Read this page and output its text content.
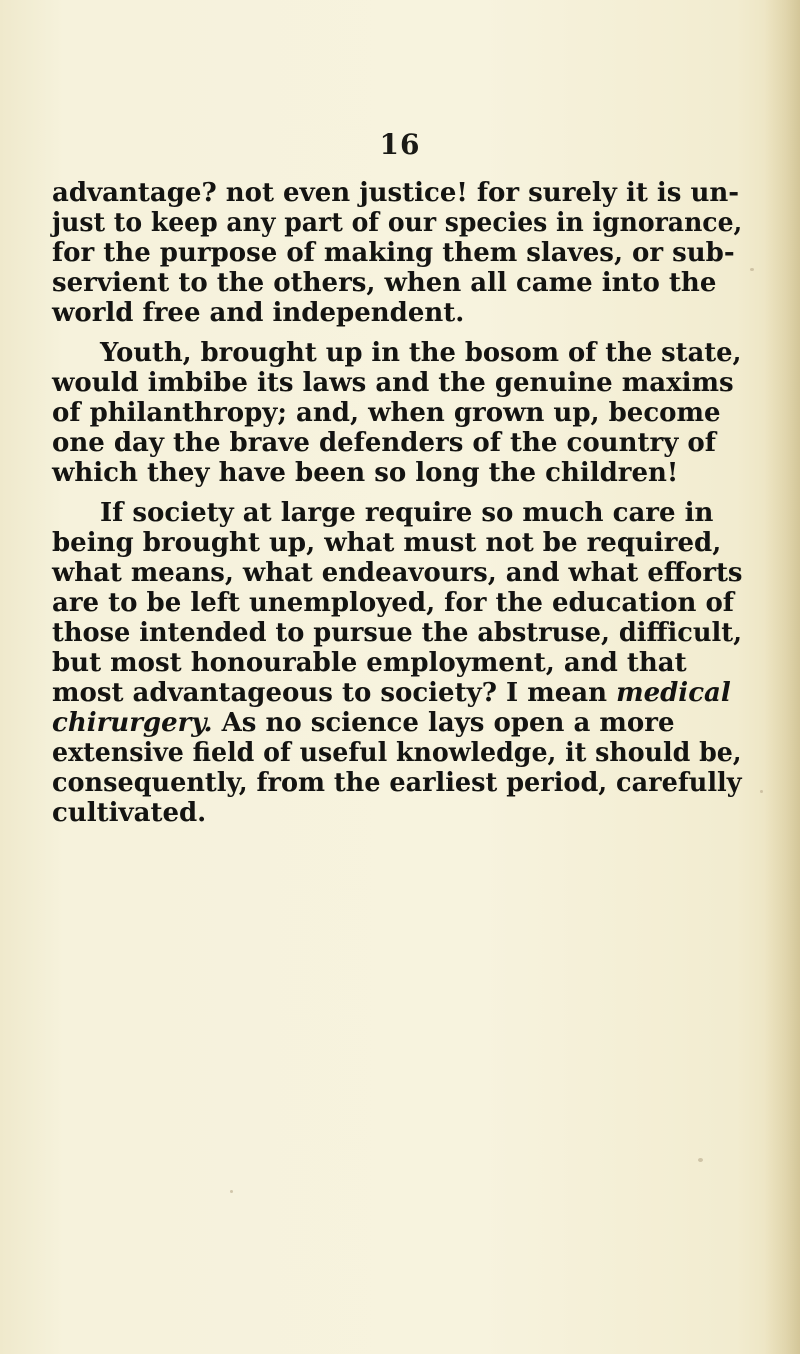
16
advantage? not even justice! for surely it is un-
just to keep any part of our species in ignorance,
for the purpose of making them slaves, or sub-
servient to the others, when all came into the
world free and independent.
Youth, brought up in the bosom of the state,
would imbibe its laws and the genuine maxims
of philanthropy; and, when grown up, become
one day the brave defenders of the country of
which they have been so long the children!
If society at large require so much care in
being brought up, what must not be required,
what means, what endeavours, and what efforts
are to be left unemployed, for the education of
those intended to pursue the abstruse, difficult,
but most honourable employment, and that
most advantageous to society? I mean medical
chirurgery. As no science lays open a more
extensive field of useful knowledge, it should be,
consequently, from the earliest period, carefully
cultivated.
